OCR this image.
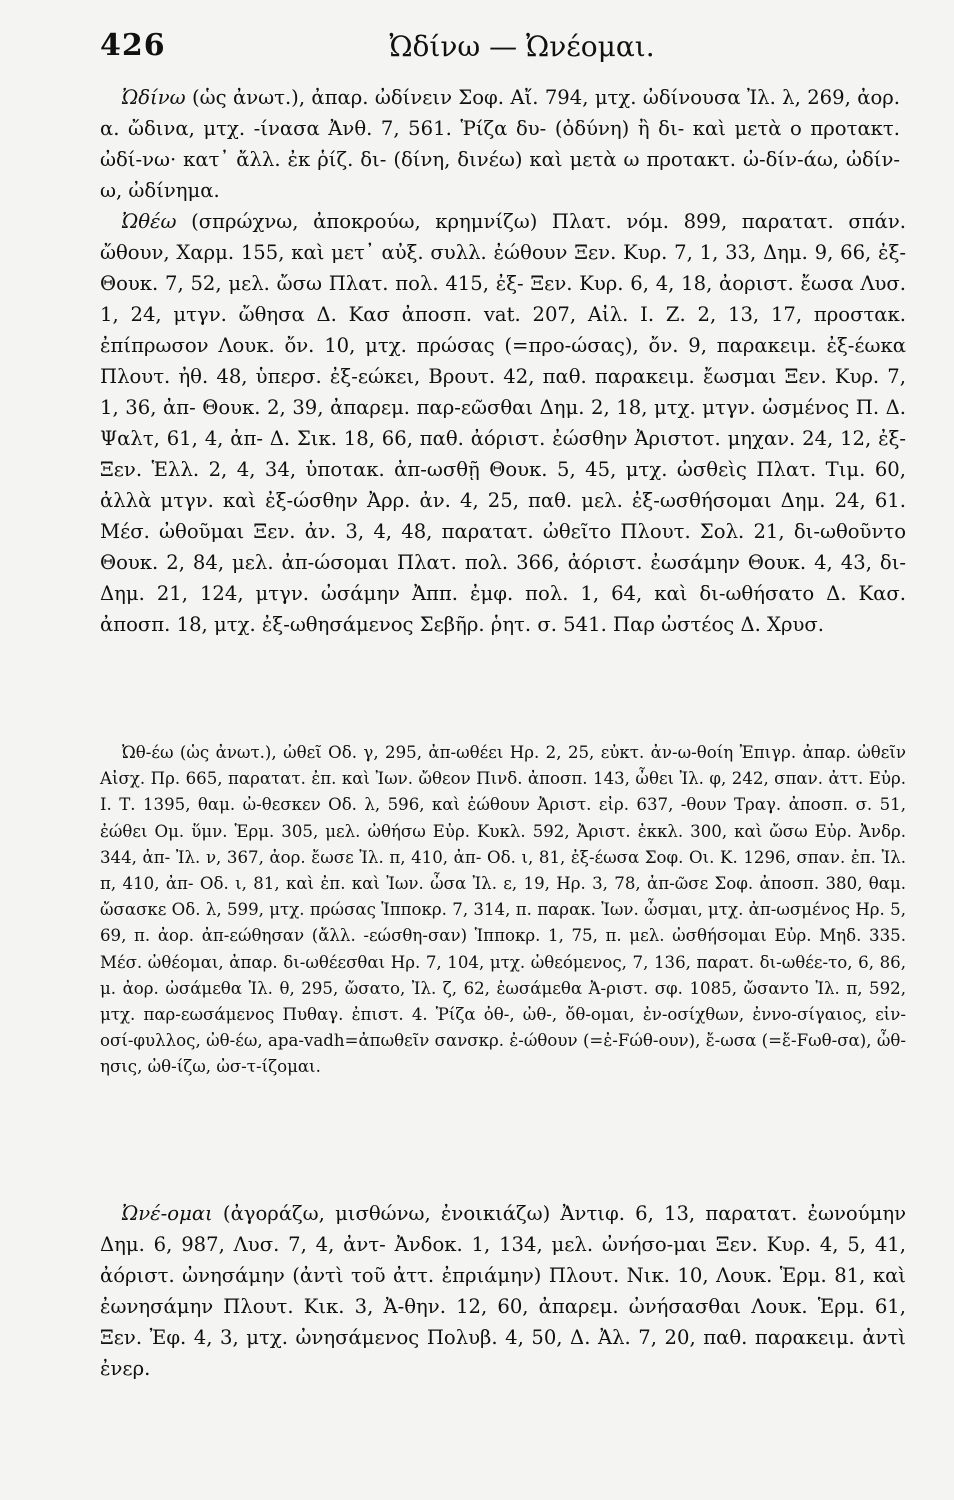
426	Ὠδίνω — Ὠνέομαι.

Ὠδίνω (ὡς ἀνωτ.), ἀπαρ. ὠδίνειν Σοφ. Αἴ. 794, μτχ. ὠδίνουσα Ἰλ. λ, 269, ἀορ. α. ὤδινα, μτχ. -ίνασα Ἀνθ. 7, 561. Ῥίζα δυ- (ὀδύνη) ἢ δι- καὶ μετὰ ο προτακτ. ὠδί-νω· κατ᾿ ἄλλ. ἐκ ῥίζ. δι- (δίνη, δινέω) καὶ μετὰ ω προτακτ. ὠ-δίν-άω, ὠδίν-ω, ὠδίνημα.

Ὠθέω (σπρώχνω, ἀποκρούω, κρημνίζω) Πλατ. νόμ. 899, παρατατ. σπάν. ὤθουν, Χαρμ. 155, καὶ μετ᾿ αὐξ. συλλ. ἐώθουν Ξεν. Κυρ. 7, 1, 33, Δημ. 9, 66, ἐξ- Θουκ. 7, 52, μελ. ὤσω Πλατ. πολ. 415, ἐξ- Ξεν. Κυρ. 6, 4, 18, ἀοριστ. ἔωσα Λυσ. 1, 24, μτγν. ὤθησα Δ. Κασ ἀποσπ. vat. 207, Αἰλ. Ι. Ζ. 2, 13, 17, προστακ. ἐπίπρωσον Λουκ. ὄν. 10, μτχ. πρώσας (=προ-ώσας), ὄν. 9, παρακειμ. ἐξ-έωκα Πλουτ. ἠθ. 48, ὑπερσ. ἐξ-εώκει, Βρουτ. 42, παθ. παρακειμ. ἔωσμαι Ξεν. Κυρ. 7, 1, 36, ἀπ- Θουκ. 2, 39, ἀπαρεμ. παρ-εῶσθαι Δημ. 2, 18, μτχ. μτγν. ὠσμένος Π. Δ. Ψαλτ, 61, 4, ἀπ- Δ. Σικ. 18, 66, παθ. ἀόριστ. ἐώσθην Ἀριστοτ. μηχαν. 24, 12, ἐξ- Ξεν. Ἑλλ. 2, 4, 34, ὑποτακ. ἀπ-ωσθῇ Θουκ. 5, 45, μτχ. ὠσθεὶς Πλατ. Τιμ. 60, ἀλλὰ μτγν. καὶ ἐξ-ώσθην Ἀρρ. ἀν. 4, 25, παθ. μελ. ἐξ-ωσθήσομαι Δημ. 24, 61. Μέσ. ὠθοῦμαι Ξεν. ἀν. 3, 4, 48, παρατατ. ὠθεῖτο Πλουτ. Σολ. 21, δι-ωθοῦντο Θουκ. 2, 84, μελ. ἀπ-ώσομαι Πλατ. πολ. 366, ἀόριστ. ἐωσάμην Θουκ. 4, 43, δι- Δημ. 21, 124, μτγν. ὠσάμην Ἀππ. ἐμφ. πολ. 1, 64, καὶ δι-ωθήσατο Δ. Κασ. ἀποσπ. 18, μτχ. ἐξ-ωθησάμενος Σεβῆρ. ῥητ. σ. 541. Παρ ὠστέος Δ. Χρυσ.

Ὠθ-έω (ὡς ἀνωτ.), ὠθεῖ Οδ. γ, 295, ἀπ-ωθέει Ηρ. 2, 25, εὐκτ. ἀν-ω-θοίη Ἐπιγρ. ἀπαρ. ὠθεῖν Αἰσχ. Πρ. 665, παρατατ. ἐπ. καὶ Ἰων. ὤθεον Πινδ. ἀποσπ. 143, ὦθει Ἰλ. φ, 242, σπαν. ἀττ. Εὐρ. Ι. Τ. 1395, θαμ. ὠ-θεσκεν Οδ. λ, 596, καὶ ἐώθουν Ἀριστ. εἰρ. 637, -θουν Τραγ. ἀποσπ. σ. 51, ἐώθει Ομ. ὕμν. Ἑρμ. 305, μελ. ὠθήσω Εὐρ. Κυκλ. 592, Ἀριστ. ἐκκλ. 300, καὶ ὤσω Εὐρ. Ἀνδρ. 344, ἀπ- Ἰλ. ν, 367, ἀορ. ἔωσε Ἰλ. π, 410, ἀπ- Οδ. ι, 81, ἐξ-έωσα Σοφ. Οι. Κ. 1296, σπαν. ἐπ. Ἰλ. π, 410, ἀπ- Οδ. ι, 81, καὶ ἐπ. καὶ Ἰων. ὦσα Ἰλ. ε, 19, Ηρ. 3, 78, ἀπ-ῶσε Σοφ. ἀποσπ. 380, θαμ. ὤσασκε Οδ. λ, 599, μτχ. πρώσας Ἱπποκρ. 7, 314, π. παρακ. Ἰων. ὦσμαι, μτχ. ἀπ-ωσμένος Ηρ. 5, 69, π. ἀορ. ἀπ-εώθησαν (ἄλλ. -εώσθη-σαν) Ἱπποκρ. 1, 75, π. μελ. ὠσθήσομαι Εὐρ. Μηδ. 335. Μέσ. ὠθέομαι, ἀπαρ. δι-ωθέεσθαι Ηρ. 7, 104, μτχ. ὠθεόμενος, 7, 136, παρατ. δι-ωθέε-το, 6, 86, μ. ἀορ. ὠσάμεθα Ἰλ. θ, 295, ὤσατο, Ἰλ. ζ, 62, ἐωσάμεθα Ἀ-ριστ. σφ. 1085, ὤσαντο Ἰλ. π, 592, μτχ. παρ-εωσάμενος Πυθαγ. ἐπιστ. 4. Ῥίζα ὀθ-, ὠθ-, ὄθ-ομαι, ἐν-οσίχθων, ἐννο-σίγαιος, εἰν-οσί-φυλλος, ὠθ-έω, apa-vadh=ἀπωθεῖν σανσκρ. ἐ-ώθουν (=ἐ-Fώθ-ουν), ἔ-ωσα (=ἔ-Fωθ-σα), ὦθ-ησις, ὠθ-ίζω, ὠσ-τ-ίζομαι.

Ὠνέ-ομαι (ἀγοράζω, μισθώνω, ἐνοικιάζω) Ἀντιφ. 6, 13, παρατατ. ἐωνούμην Δημ. 6, 987, Λυσ. 7, 4, ἀντ- Ἀνδοκ. 1, 134, μελ. ὠνήσο-μαι Ξεν. Κυρ. 4, 5, 41, ἀόριστ. ὠνησάμην (ἀντὶ τοῦ ἀττ. ἐπριάμην) Πλουτ. Νικ. 10, Λουκ. Ἑρμ. 81, καὶ ἐωνησάμην Πλουτ. Κικ. 3, Ἀ-θην. 12, 60, ἀπαρεμ. ὠνήσασθαι Λουκ. Ἑρμ. 61, Ξεν. Ἐφ. 4, 3, μτχ. ὠνησάμενος Πολυβ. 4, 50, Δ. Ἀλ. 7, 20, παθ. παρακειμ. ἀντὶ ἐνερ.
